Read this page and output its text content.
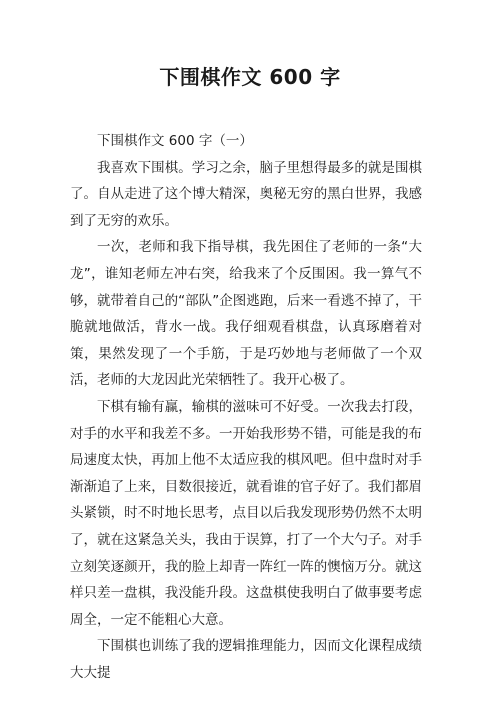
下围棋作文 600 字

下围棋作文 600 字（一）

我喜欢下围棋。学习之余，脑子里想得最多的就是围棋了。自从走进了这个博大精深，奥秘无穷的黑白世界，我感到了无穷的欢乐。

一次，老师和我下指导棋，我先困住了老师的一条“大龙”，谁知老师左冲右突，给我来了个反围困。我一算气不够，就带着自己的“部队”企图逃跑，后来一看逃不掉了，干脆就地做活，背水一战。我仔细观看棋盘，认真琢磨着对策，果然发现了一个手筋，于是巧妙地与老师做了一个双活，老师的大龙因此光荣牺牲了。我开心极了。

下棋有输有赢，输棋的滋味可不好受。一次我去打段，对手的水平和我差不多。一开始我形势不错，可能是我的布局速度太快，再加上他不太适应我的棋风吧。但中盘时对手渐渐追了上来，目数很接近，就看谁的官子好了。我们都眉头紧锁，时不时地长思考，点目以后我发现形势仍然不太明了，就在这紧急关头，我由于误算，打了一个大勺子。对手立刻笑逐颜开，我的脸上却青一阵红一阵的懊恼万分。就这样只差一盘棋，我没能升段。这盘棋使我明白了做事要考虑周全，一定不能粗心大意。

下围棋也训练了我的逻辑推理能力，因而文化课程成绩大大提
